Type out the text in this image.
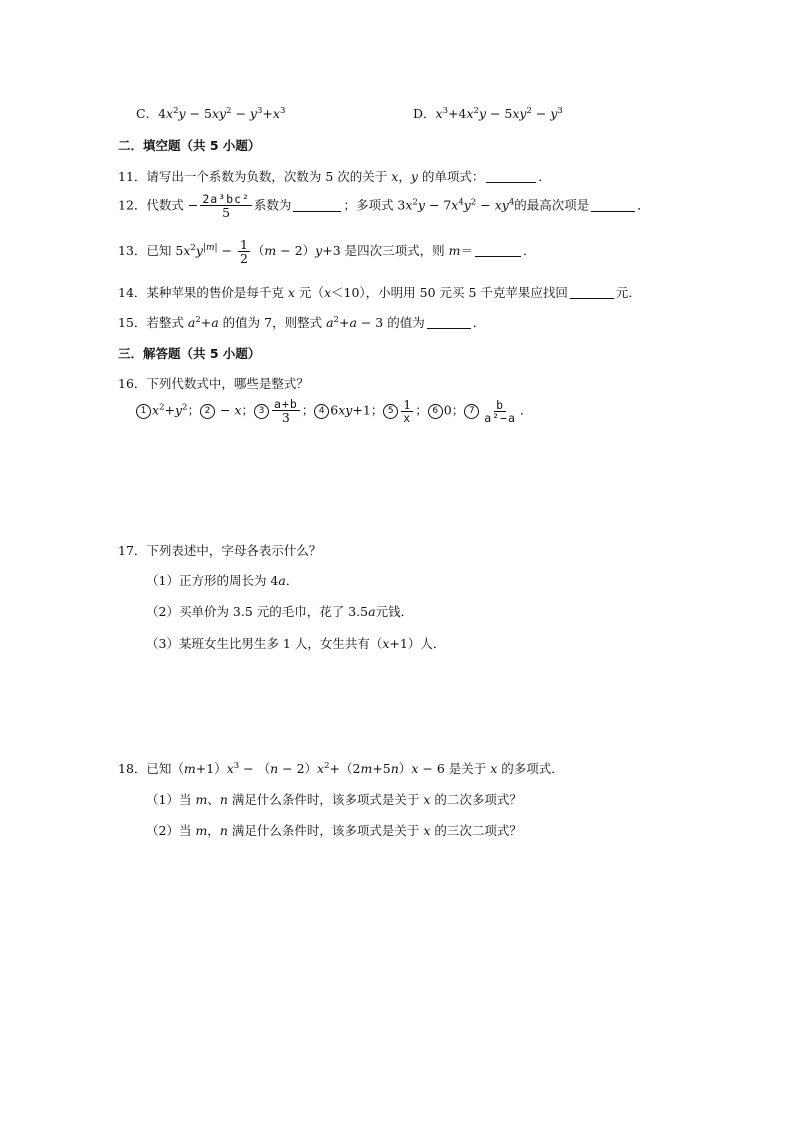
C．$4x^2y - 5xy^2 - y^3+x^3$	D．$x^3+4x^2y - 5xy^2 - y^3$
二．填空题（共 5 小题）
11．请写出一个系数为负数，次数为 5 次的关于 x，y 的单项式：	．
12．代数式 − $\frac{\text{2a³bc²}}{5}$ 系数为	；多项式 $3x^2y - 7x^4y^2 - xy^4$的最高次项是	．
13．已知 $5x^2y^{|m|} - \frac{1}{2} (m - 2)y+3$ 是四次三项式，则 m＝	．
14．某种苹果的售价是每千克 x 元（x＜10），小明用 50 元买 5 千克苹果应找回	元．
15．若整式 $a^2+a$ 的值为 7，则整式 $a^2+a - 3$ 的值为	．
三．解答题（共 5 小题）
16．下列代数式中，哪些是整式？
1 $x^2+y^2$； 2 − x； $3 \frac{a+b}{3}$ ； 4 6xy+1； $5 \frac{1}{x}$ ； 6 0； $7 \frac{b}{\text{a²−a}}$ ．
17．下列表述中，字母各表示什么？
（1）正方形的周长为 4a．
（2）买单价为 3.5 元的毛巾，花了 3.5a元钱．
（3）某班女生比男生多 1 人，女生共有（x+1）人．
18．已知$(m+1)x^3 - (n - 2)x^2+(2m+5n)x - 6$ 是关于 x 的多项式．
（1）当 m、n 满足什么条件时，该多项式是关于 x 的二次多项式？
（2）当 m，n 满足什么条件时，该多项式是关于 x 的三次二项式？
